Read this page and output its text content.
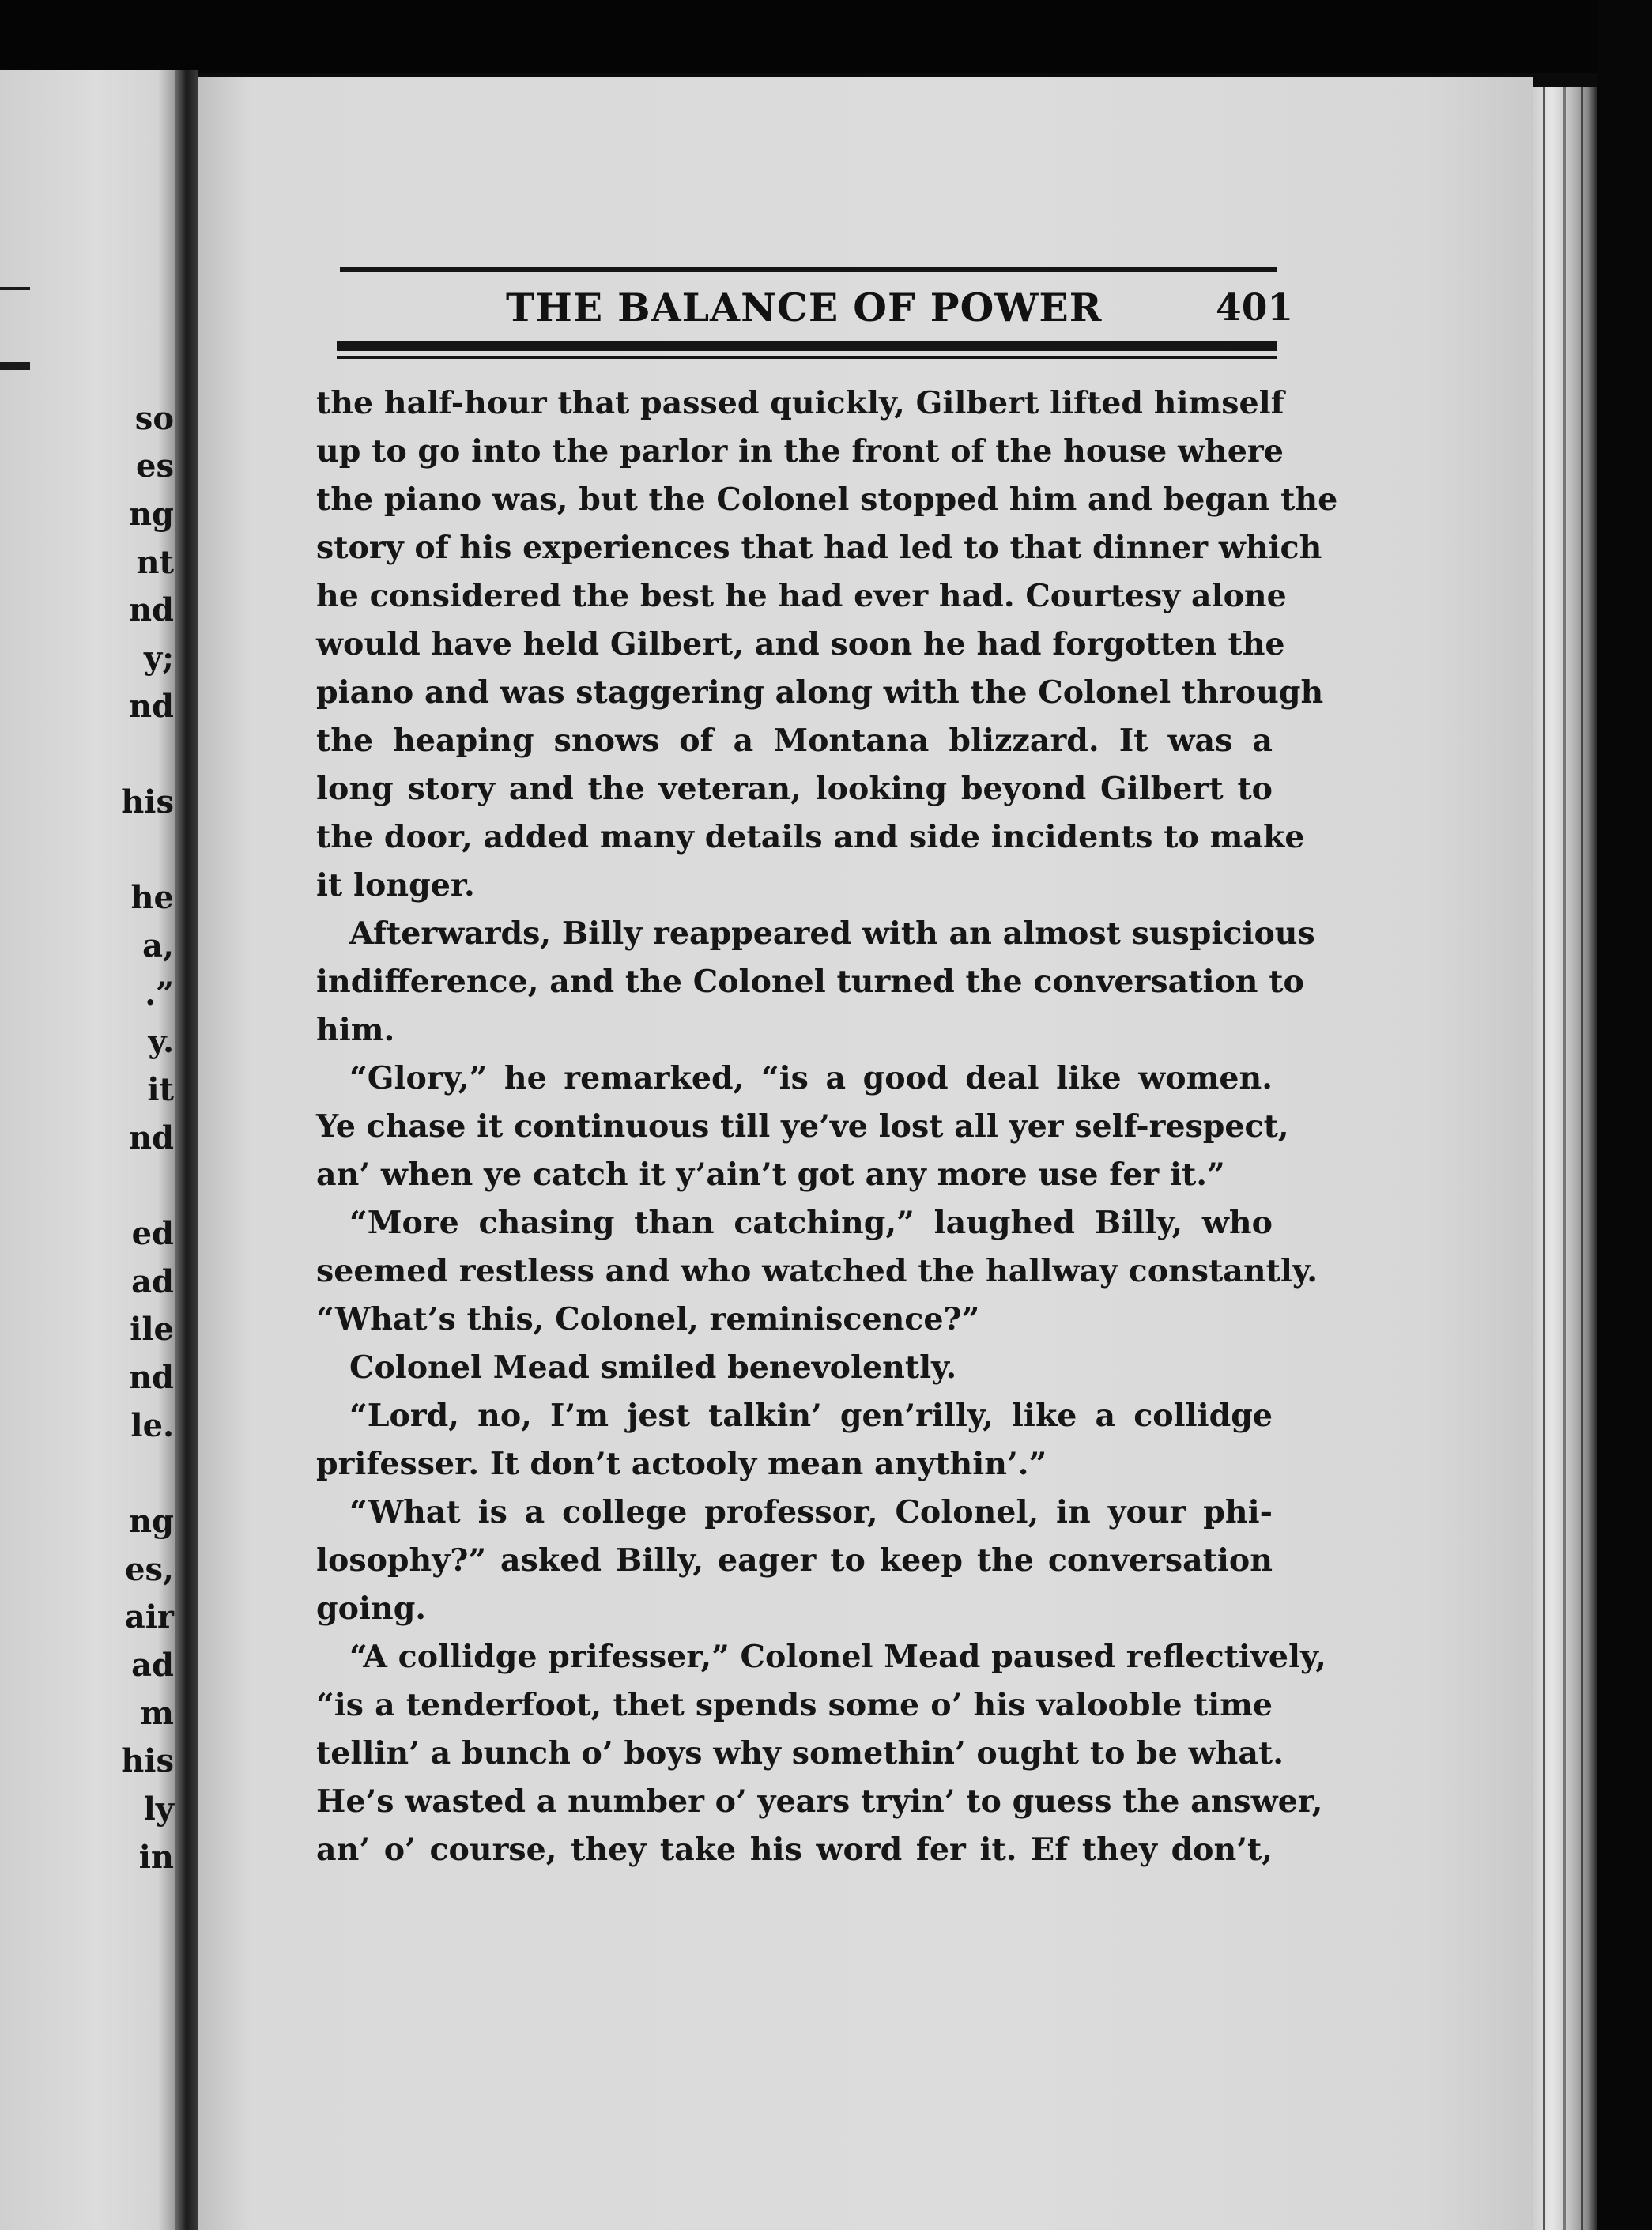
so
es
ng
nt
nd
y;
nd
his
he
a,
.”
y.
it
nd
ed
ad
ile
nd
le.
ng
es,
air
ad
m
his
ly
in
THE BALANCE OF POWER	401
the half-hour that passed quickly, Gilbert lifted himself
up to go into the parlor in the front of the house where
the piano was, but the Colonel stopped him and began the
story of his experiences that had led to that dinner which
he considered the best he had ever had. Courtesy alone
would have held Gilbert, and soon he had forgotten the
piano and was staggering along with the Colonel through
the heaping snows of a Montana blizzard. It was a
long story and the veteran, looking beyond Gilbert to
the door, added many details and side incidents to make
it longer.
Afterwards, Billy reappeared with an almost suspicious
indifference, and the Colonel turned the conversation to
him.
“Glory,” he remarked, “is a good deal like women.
Ye chase it continuous till ye’ve lost all yer self-respect,
an’ when ye catch it y’ain’t got any more use fer it.”
“More chasing than catching,” laughed Billy, who
seemed restless and who watched the hallway constantly.
“What’s this, Colonel, reminiscence?”
Colonel Mead smiled benevolently.
“Lord, no, I’m jest talkin’ gen’rilly, like a collidge
prifesser. It don’t actooly mean anythin’.”
“What is a college professor, Colonel, in your phi-
losophy?” asked Billy, eager to keep the conversation
going.
“A collidge prifesser,” Colonel Mead paused reflectively,
“is a tenderfoot, thet spends some o’ his valooble time
tellin’ a bunch o’ boys why somethin’ ought to be what.
He’s wasted a number o’ years tryin’ to guess the answer,
an’ o’ course, they take his word fer it. Ef they don’t,
